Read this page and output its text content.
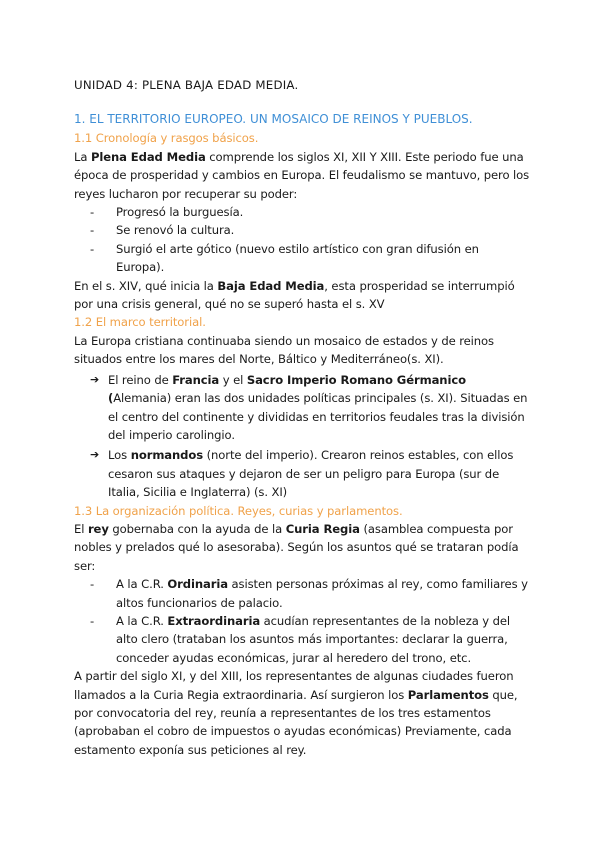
UNIDAD 4: PLENA BAJA EDAD MEDIA.
1. EL TERRITORIO EUROPEO. UN MOSAICO DE REINOS Y PUEBLOS.
1.1 Cronología y rasgos básicos.

La Plena Edad Media comprende los siglos XI, XII Y XIII. Este periodo fue una época de prosperidad y cambios en Europa. El feudalismo se mantuvo, pero los reyes lucharon por recuperar su poder:

- Progresó la burguesía.
- Se renovó la cultura.
- Surgió el arte gótico (nuevo estilo artístico con gran difusión en Europa).

En el s. XIV, qué inicia la Baja Edad Media, esta prosperidad se interrumpió por una crisis general, qué no se superó hasta el s. XV

1.2 El marco territorial.

La Europa cristiana continuaba siendo un mosaico de estados y de reinos situados entre los mares del Norte, Báltico y Mediterráneo(s. XI).

➔ El reino de Francia y el Sacro Imperio Romano Gérmanico (Alemania) eran las dos unidades políticas principales (s. XI). Situadas en el centro del continente y divididas en territorios feudales tras la división del imperio carolingio.
➔ Los normandos (norte del imperio). Crearon reinos estables, con ellos cesaron sus ataques y dejaron de ser un peligro para Europa (sur de Italia, Sicilia e Inglaterra) (s. XI)
1.3 La organización política. Reyes, curias y parlamentos.

El rey gobernaba con la ayuda de la Curia Regia (asamblea compuesta por nobles y prelados qué lo asesoraba). Según los asuntos qué se trataran podía ser:

- A la C.R. Ordinaria asisten personas próximas al rey, como familiares y altos funcionarios de palacio.
- A la C.R. Extraordinaria acudían representantes de la nobleza y del alto clero (trataban los asuntos más importantes: declarar la guerra, conceder ayudas económicas, jurar al heredero del trono, etc.

A partir del siglo XI, y del XIII, los representantes de algunas ciudades fueron llamados a la Curia Regia extraordinaria. Así surgieron los Parlamentos que, por convocatoria del rey, reunía a representantes de los tres estamentos (aprobaban el cobro de impuestos o ayudas económicas) Previamente, cada estamento exponía sus peticiones al rey.
